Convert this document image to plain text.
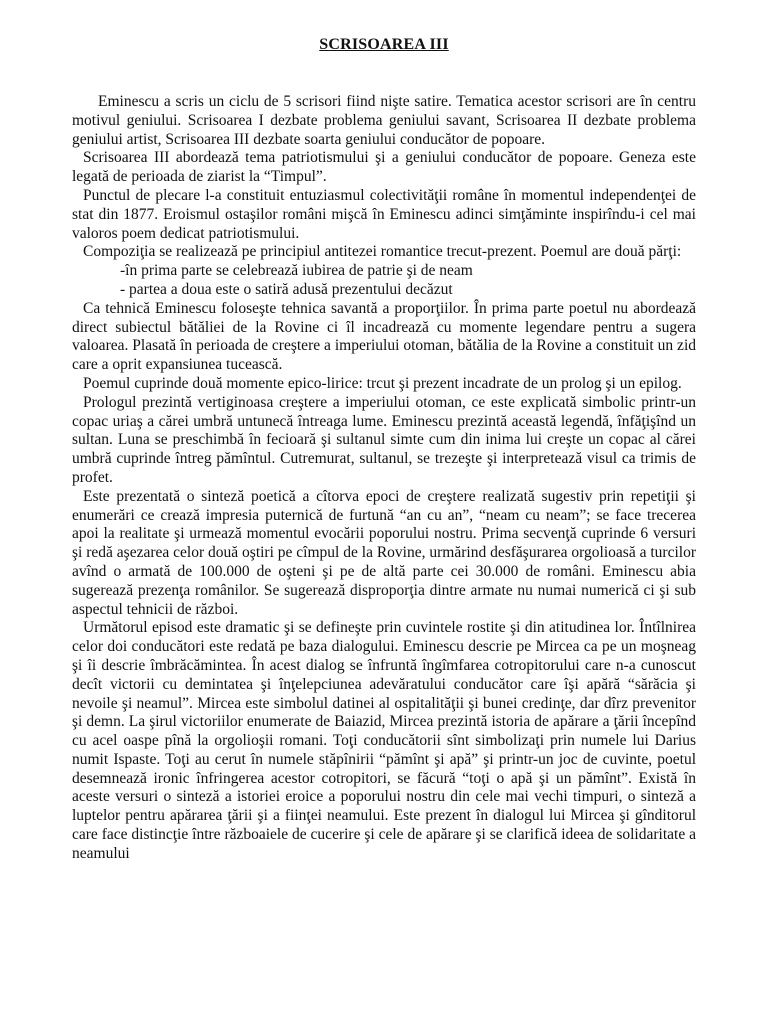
SCRISOAREA III

Eminescu a scris un ciclu de 5 scrisori fiind nişte satire. Tematica acestor scrisori are în centru motivul geniului. Scrisoarea I dezbate problema geniului savant, Scrisoarea II dezbate problema geniului artist, Scrisoarea III dezbate soarta geniului conducător de popoare.

Scrisoarea III abordează tema patriotismului şi a geniului conducător de popoare. Geneza este legată de perioada de ziarist la “Timpul”.

Punctul de plecare l-a constituit entuziasmul colectivităţii române în momentul independenţei de stat din 1877. Eroismul ostaşilor români mişcă în Eminescu adinci simţăminte inspirîndu-i cel mai valoros poem dedicat patriotismului.

Compoziţia se realizează pe principiul antitezei romantice trecut-prezent. Poemul are două părţi:

-în prima parte se celebrează iubirea de patrie şi de neam

- partea a doua este o satiră adusă prezentului decăzut

Ca tehnică Eminescu foloseşte tehnica savantă a proporţiilor. În prima parte poetul nu abordează direct subiectul bătăliei de la Rovine ci îl incadrează cu momente legendare pentru a sugera valoarea. Plasată în perioada de creştere a imperiului otoman, bătălia de la Rovine a constituit un zid care a oprit expansiunea tucească.

Poemul cuprinde două momente epico-lirice: trcut şi prezent incadrate de un prolog şi un epilog.

Prologul prezintă vertiginoasa creştere a imperiului otoman, ce este explicată simbolic printr-un copac uriaş a cărei umbră untunecă întreaga lume. Eminescu prezintă această legendă, înfăţişînd un sultan. Luna se preschimbă în fecioară şi sultanul simte cum din inima lui creşte un copac al cărei umbră cuprinde întreg pămîntul. Cutremurat, sultanul, se trezeşte şi interpretează visul ca trimis de profet.

Este prezentată o sinteză poetică a cîtorva epoci de creştere realizată sugestiv prin repetiţii şi enumerări ce crează impresia puternică de furtună “an cu an”, “neam cu neam”; se face trecerea apoi la realitate şi urmează momentul evocării poporului nostru. Prima secvenţă cuprinde 6 versuri şi redă aşezarea celor două oştiri pe cîmpul de la Rovine, urmărind desfăşurarea orgolioasă a turcilor avînd o armată de 100.000 de oşteni şi pe de altă parte cei 30.000 de români. Eminescu abia sugerează prezenţa românilor. Se sugerează disproporţia dintre armate nu numai numerică ci şi sub aspectul tehnicii de război.

Următorul episod este dramatic şi se defineşte prin cuvintele rostite şi din atitudinea lor. Întîlnirea celor doi conducători este redată pe baza dialogului. Eminescu descrie pe Mircea ca pe un moşneag şi îi descrie îmbrăcămintea. În acest dialog se înfruntă îngîmfarea cotropitorului care n-a cunoscut decît victorii cu demintatea şi înţelepciunea adevăratului conducător care îşi apără “sărăcia şi nevoile şi neamul”. Mircea este simbolul datinei al ospitalităţii şi bunei credinţe, dar dîrz prevenitor şi demn. La şirul victoriilor enumerate de Baiazid, Mircea prezintă istoria de apărare a ţării începînd cu acel oaspe pînă la orgolioşii romani. Toţi conducătorii sînt simbolizaţi prin numele lui Darius numit Ispaste. Toţi au cerut în numele stăpînirii “pămînt şi apă” şi printr-un joc de cuvinte, poetul desemnează ironic înfringerea acestor cotropitori, se făcură “toţi o apă şi un pămînt”. Există în aceste versuri o sinteză a istoriei eroice a poporului nostru din cele mai vechi timpuri, o sinteză a luptelor pentru apărarea ţării şi a fiinţei neamului. Este prezent în dialogul lui Mircea şi gînditorul care face distincţie între războaiele de cucerire şi cele de apărare şi se clarifică ideea de solidaritate a neamului
